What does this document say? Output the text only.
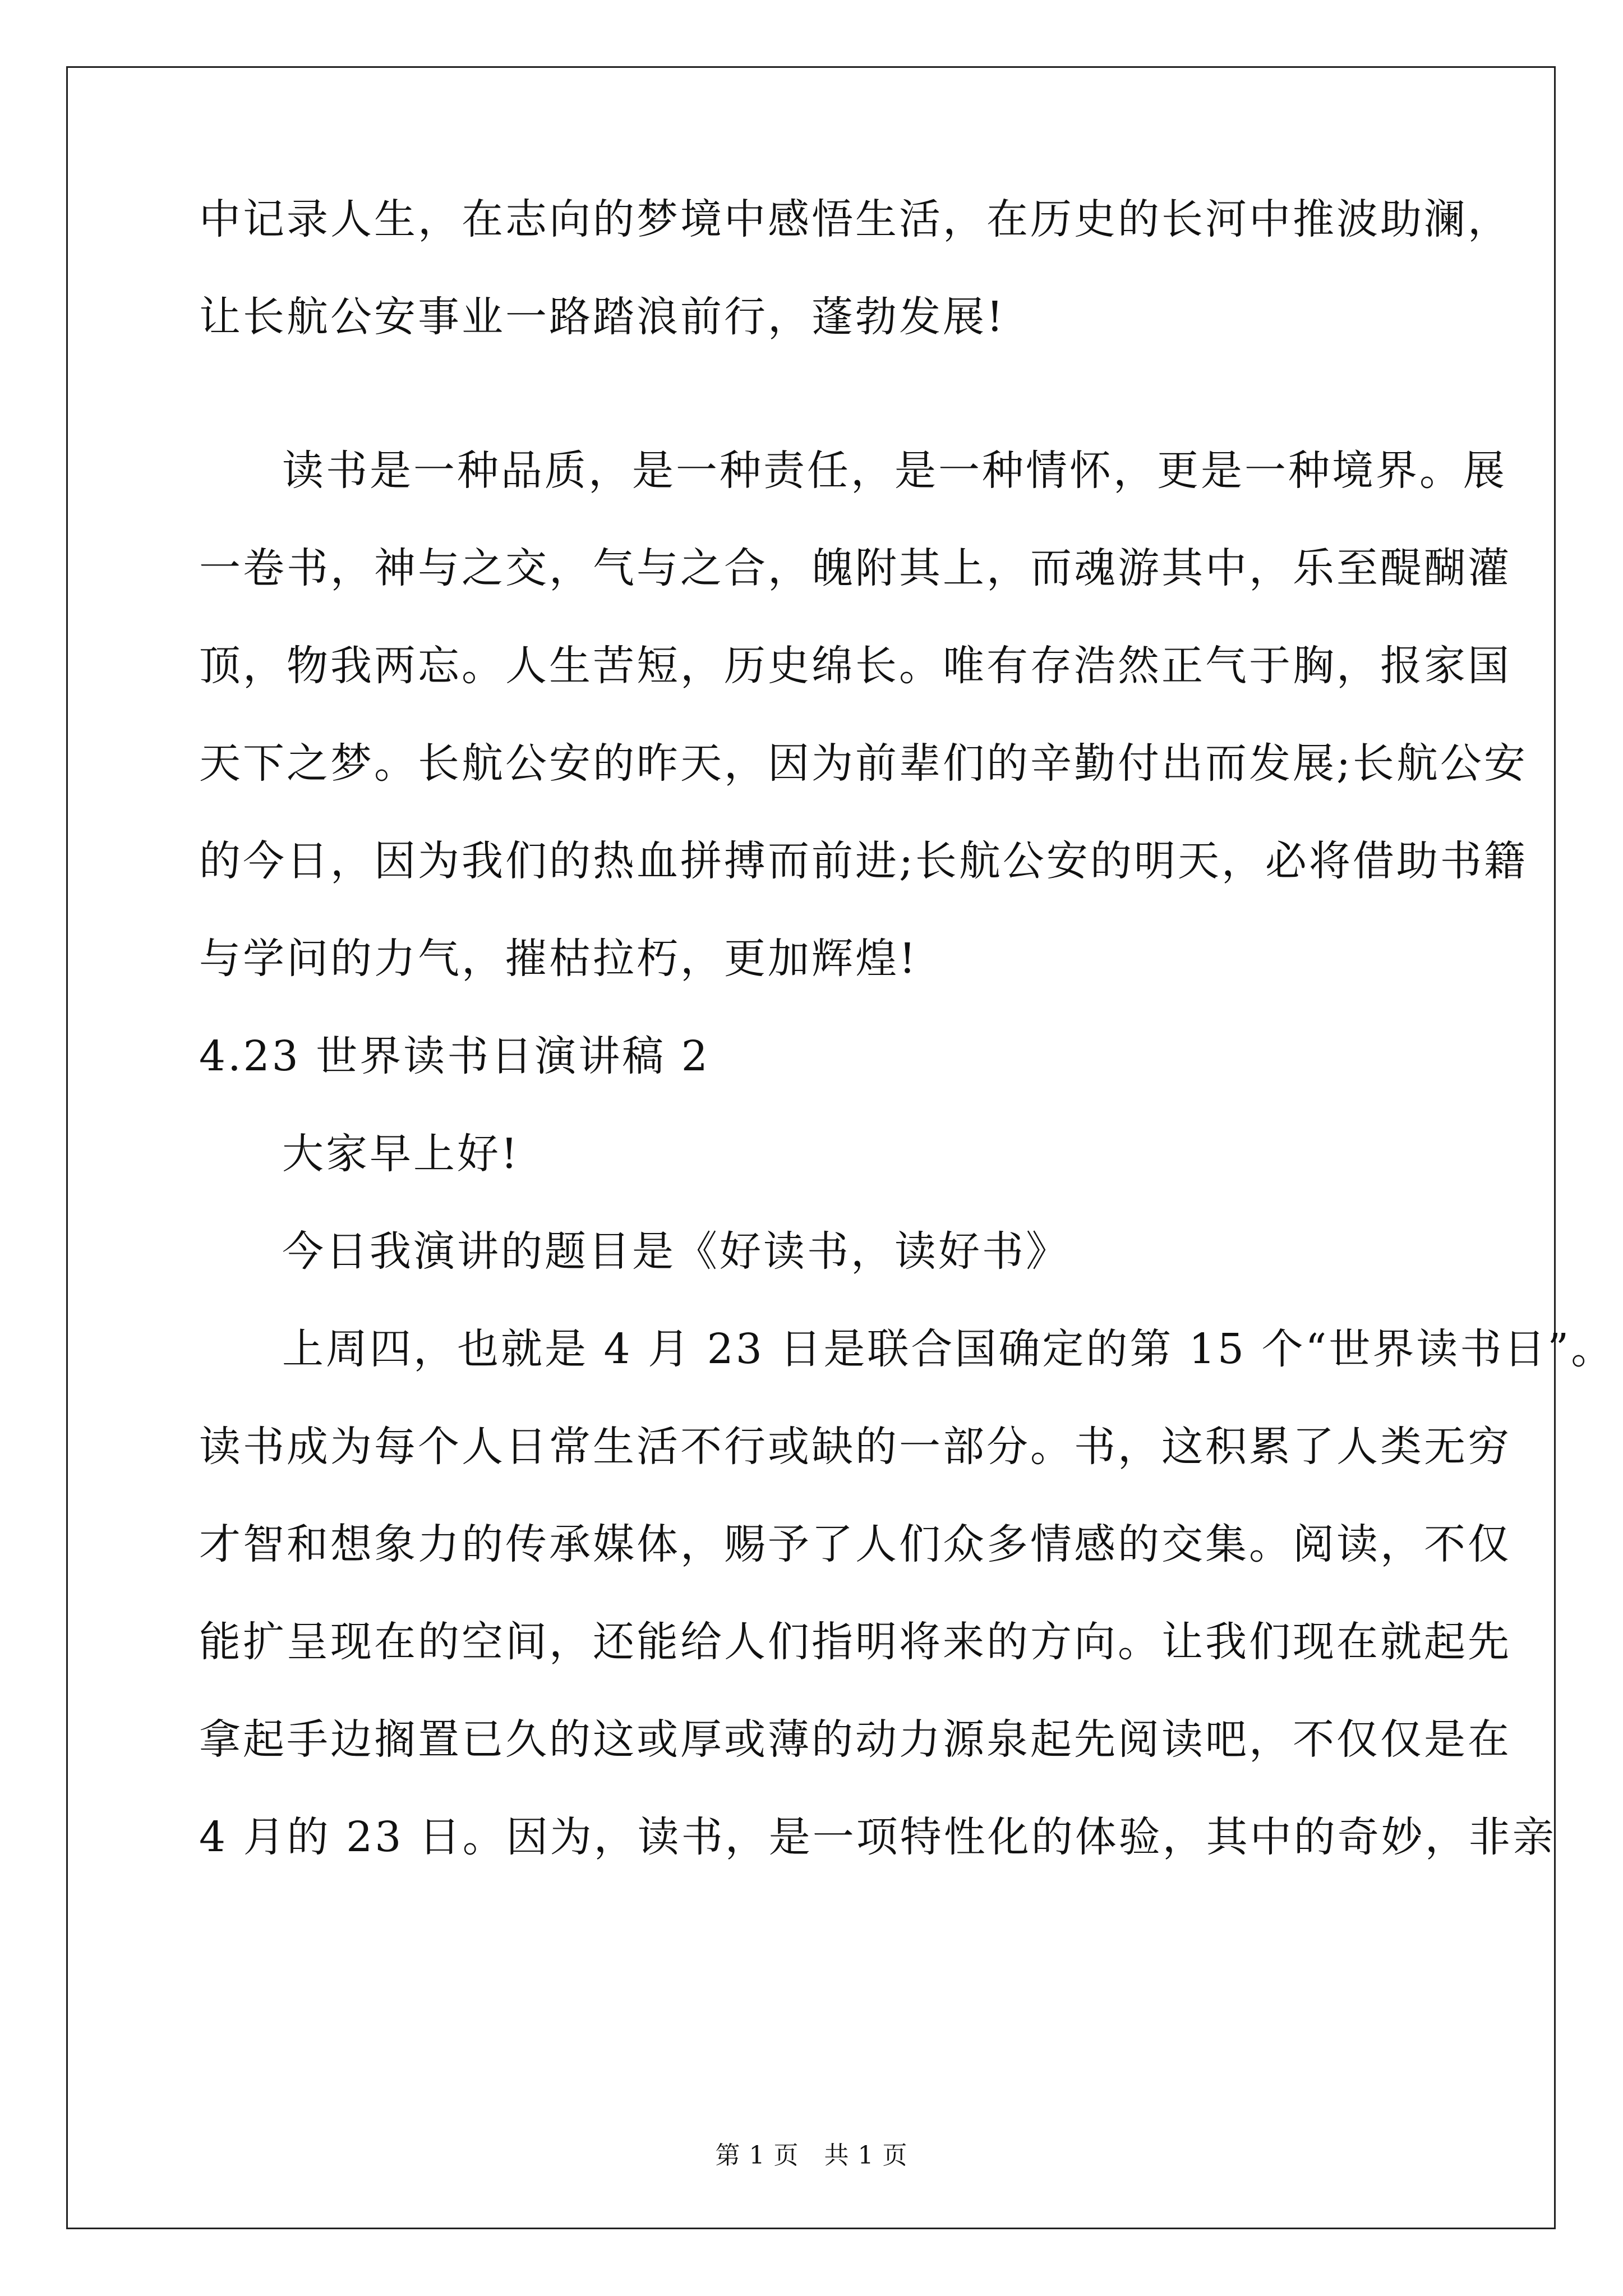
中记录人生，在志向的梦境中感悟生活，在历史的长河中推波助澜，
让长航公安事业一路踏浪前行，蓬勃发展!
读书是一种品质，是一种责任，是一种情怀，更是一种境界。展
一卷书，神与之交，气与之合，魄附其上，而魂游其中，乐至醍醐灌
顶，物我两忘。人生苦短，历史绵长。唯有存浩然正气于胸，报家国
天下之梦。长航公安的昨天，因为前辈们的辛勤付出而发展;长航公安
的今日，因为我们的热血拼搏而前进;长航公安的明天，必将借助书籍
与学问的力气，摧枯拉朽，更加辉煌!
4.23 世界读书日演讲稿 2
大家早上好!
今日我演讲的题目是《好读书，读好书》
上周四，也就是 4 月 23 日是联合国确定的第 15 个“世界读书日”。
读书成为每个人日常生活不行或缺的一部分。书，这积累了人类无穷
才智和想象力的传承媒体，赐予了人们众多情感的交集。阅读，不仅
能扩呈现在的空间，还能给人们指明将来的方向。让我们现在就起先
拿起手边搁置已久的这或厚或薄的动力源泉起先阅读吧，不仅仅是在
4 月的 23 日。因为，读书，是一项特性化的体验，其中的奇妙，非亲
第 1 页　共 1 页
